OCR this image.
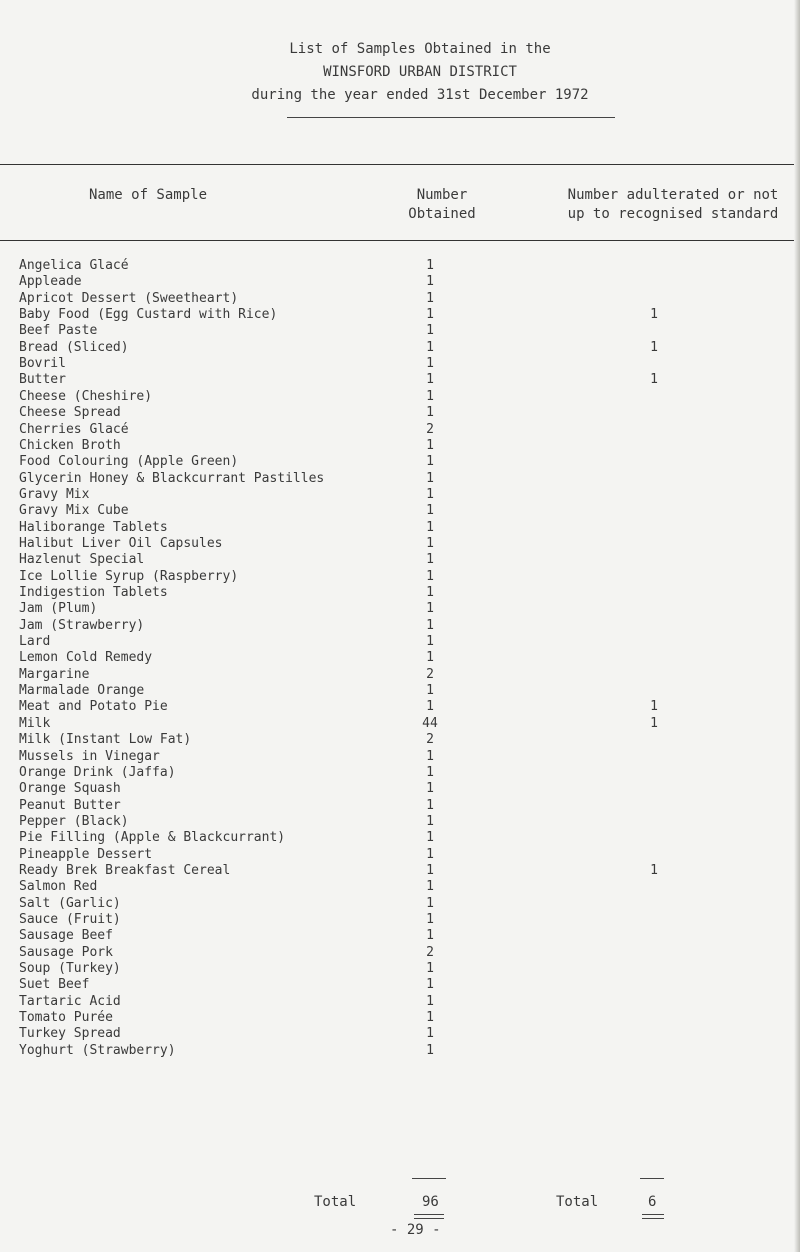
List of Samples Obtained in the
WINSFORD URBAN DISTRICT
during the year ended 31st December 1972
Name of Sample	Number
Obtained
Number adulterated or not
up to recognised standard
Angelica Glacé	1
Appleade	1
Apricot Dessert (Sweetheart)	1
Baby Food (Egg Custard with Rice)	1	1
Beef Paste	1
Bread (Sliced)	1	1
Bovril	1
Butter	1	1
Cheese (Cheshire)	1
Cheese Spread	1
Cherries Glacé	2
Chicken Broth	1
Food Colouring (Apple Green)	1
Glycerin Honey & Blackcurrant Pastilles	1
Gravy Mix	1
Gravy Mix Cube	1
Haliborange Tablets	1
Halibut Liver Oil Capsules	1
Hazlenut Special	1
Ice Lollie Syrup (Raspberry)	1
Indigestion Tablets	1
Jam (Plum)	1
Jam (Strawberry)	1
Lard	1
Lemon Cold Remedy	1
Margarine	2
Marmalade Orange	1
Meat and Potato Pie	1	1
Milk	44	1
Milk (Instant Low Fat)	2
Mussels in Vinegar	1
Orange Drink (Jaffa)	1
Orange Squash	1
Peanut Butter	1
Pepper (Black)	1
Pie Filling (Apple & Blackcurrant)	1
Pineapple Dessert	1
Ready Brek Breakfast Cereal	1	1
Salmon Red	1
Salt (Garlic)	1
Sauce (Fruit)	1
Sausage Beef	1
Sausage Pork	2
Soup (Turkey)	1
Suet Beef	1
Tartaric Acid	1
Tomato Purée	1
Turkey Spread	1
Yoghurt (Strawberry)	1
Total	96	Total	6
- 29 -
